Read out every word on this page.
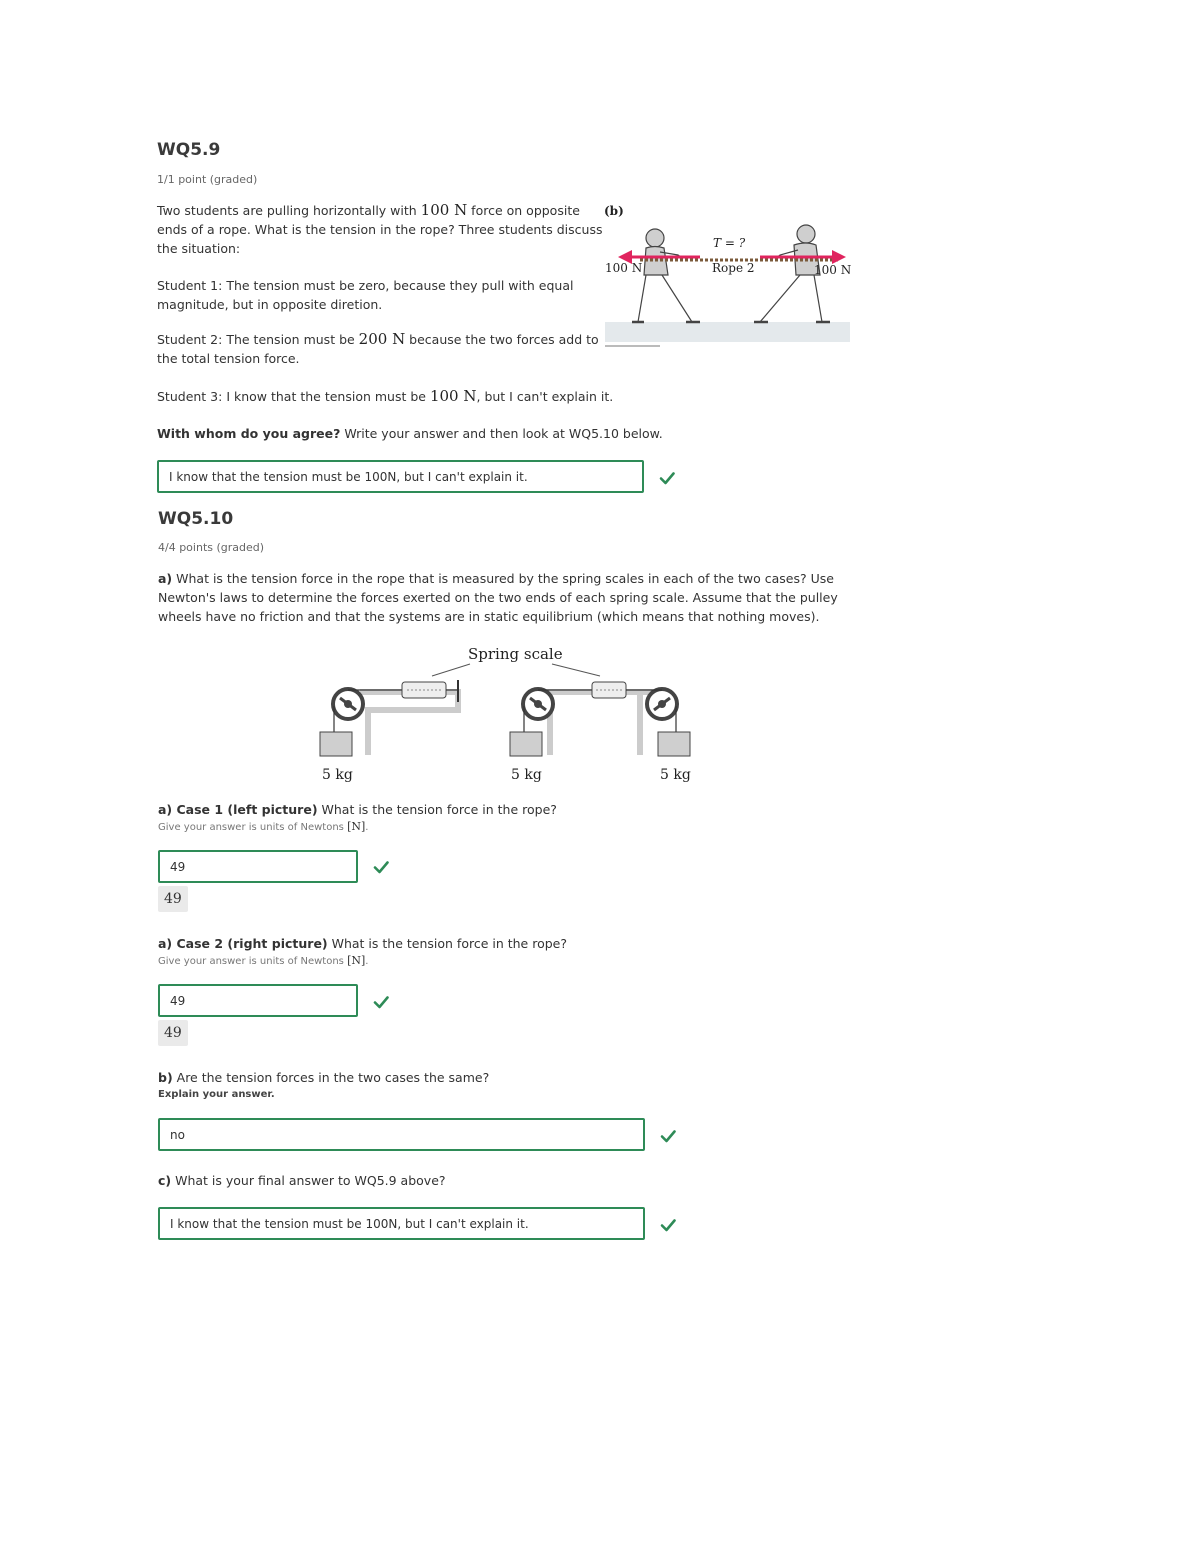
WQ5.9
1/1 point (graded)
Two students are pulling horizontally with 100 N force on opposite ends of a rope. What is the tension in the rope? Three students discuss the situation:
Student 1: The tension must be zero, because they pull with equal magnitude, but in opposite diretion.
Student 2: The tension must be 200 N because the two forces add to the total tension force.
Student 3: I know that the tension must be 100 N, but I can't explain it.
With whom do you agree? Write your answer and then look at WQ5.10 below.
I know that the tension must be 100N, but I can't explain it.
(b)
100 N	100 N
T = ?
Rope 2
WQ5.10
4/4 points (graded)
a) What is the tension force in the rope that is measured by the spring scales in each of the two cases? Use Newton's laws to determine the forces exerted on the two ends of each spring scale. Assume that the pulley wheels have no friction and that the systems are in static equilibrium (which means that nothing moves).
Spring scale
5 kg	5 kg	5 kg
a) Case 1 (left picture) What is the tension force in the rope?
Give your answer is units of Newtons [N].
49
49
a) Case 2 (right picture) What is the tension force in the rope?
Give your answer is units of Newtons [N].
49
49
b) Are the tension forces in the two cases the same?
Explain your answer.
no
c) What is your final answer to WQ5.9 above?
I know that the tension must be 100N, but I can't explain it.
